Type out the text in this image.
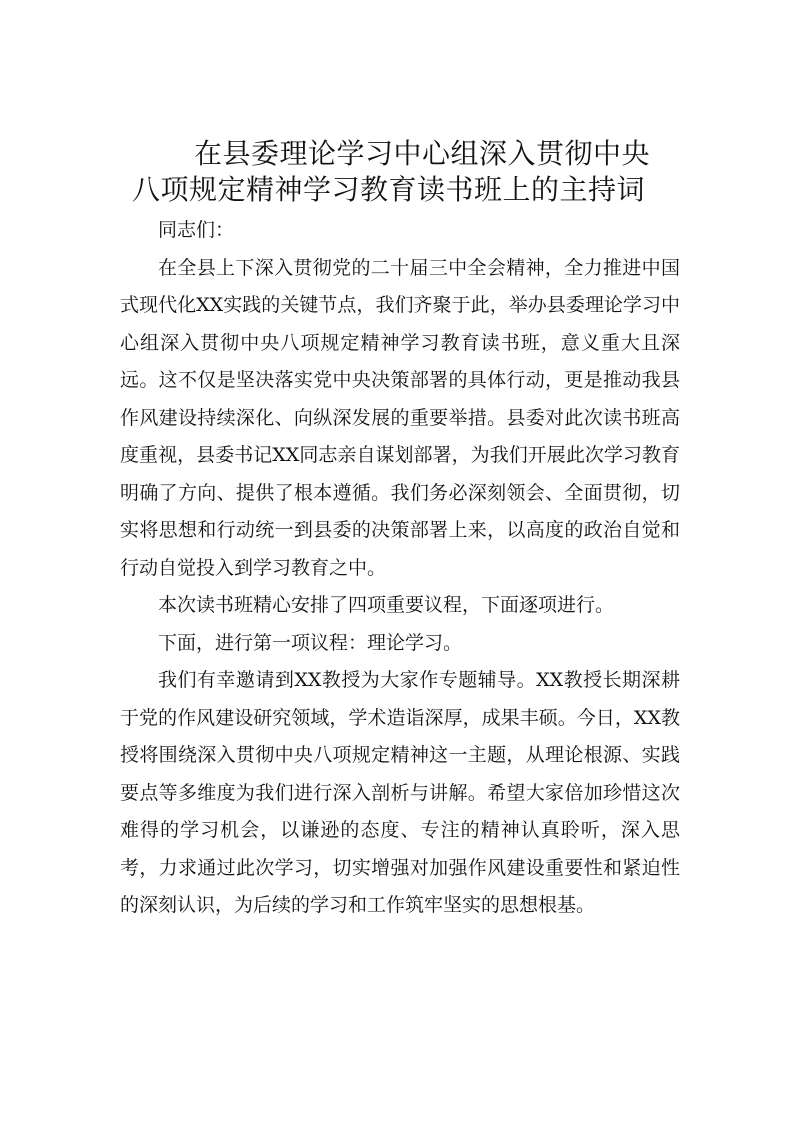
在县委理论学习中心组深入贯彻中央
八项规定精神学习教育读书班上的主持词

同志们：

在全县上下深入贯彻党的二十届三中全会精神，全力推进中国式现代化XX实践的关键节点，我们齐聚于此，举办县委理论学习中心组深入贯彻中央八项规定精神学习教育读书班，意义重大且深远。这不仅是坚决落实党中央决策部署的具体行动，更是推动我县作风建设持续深化、向纵深发展的重要举措。县委对此次读书班高度重视，县委书记XX同志亲自谋划部署，为我们开展此次学习教育明确了方向、提供了根本遵循。我们务必深刻领会、全面贯彻，切实将思想和行动统一到县委的决策部署上来，以高度的政治自觉和行动自觉投入到学习教育之中。

本次读书班精心安排了四项重要议程，下面逐项进行。

下面，进行第一项议程：理论学习。

我们有幸邀请到XX教授为大家作专题辅导。XX教授长期深耕于党的作风建设研究领域，学术造诣深厚，成果丰硕。今日，XX教授将围绕深入贯彻中央八项规定精神这一主题，从理论根源、实践要点等多维度为我们进行深入剖析与讲解。希望大家倍加珍惜这次难得的学习机会，以谦逊的态度、专注的精神认真聆听，深入思考，力求通过此次学习，切实增强对加强作风建设重要性和紧迫性的深刻认识，为后续的学习和工作筑牢坚实的思想根基。
